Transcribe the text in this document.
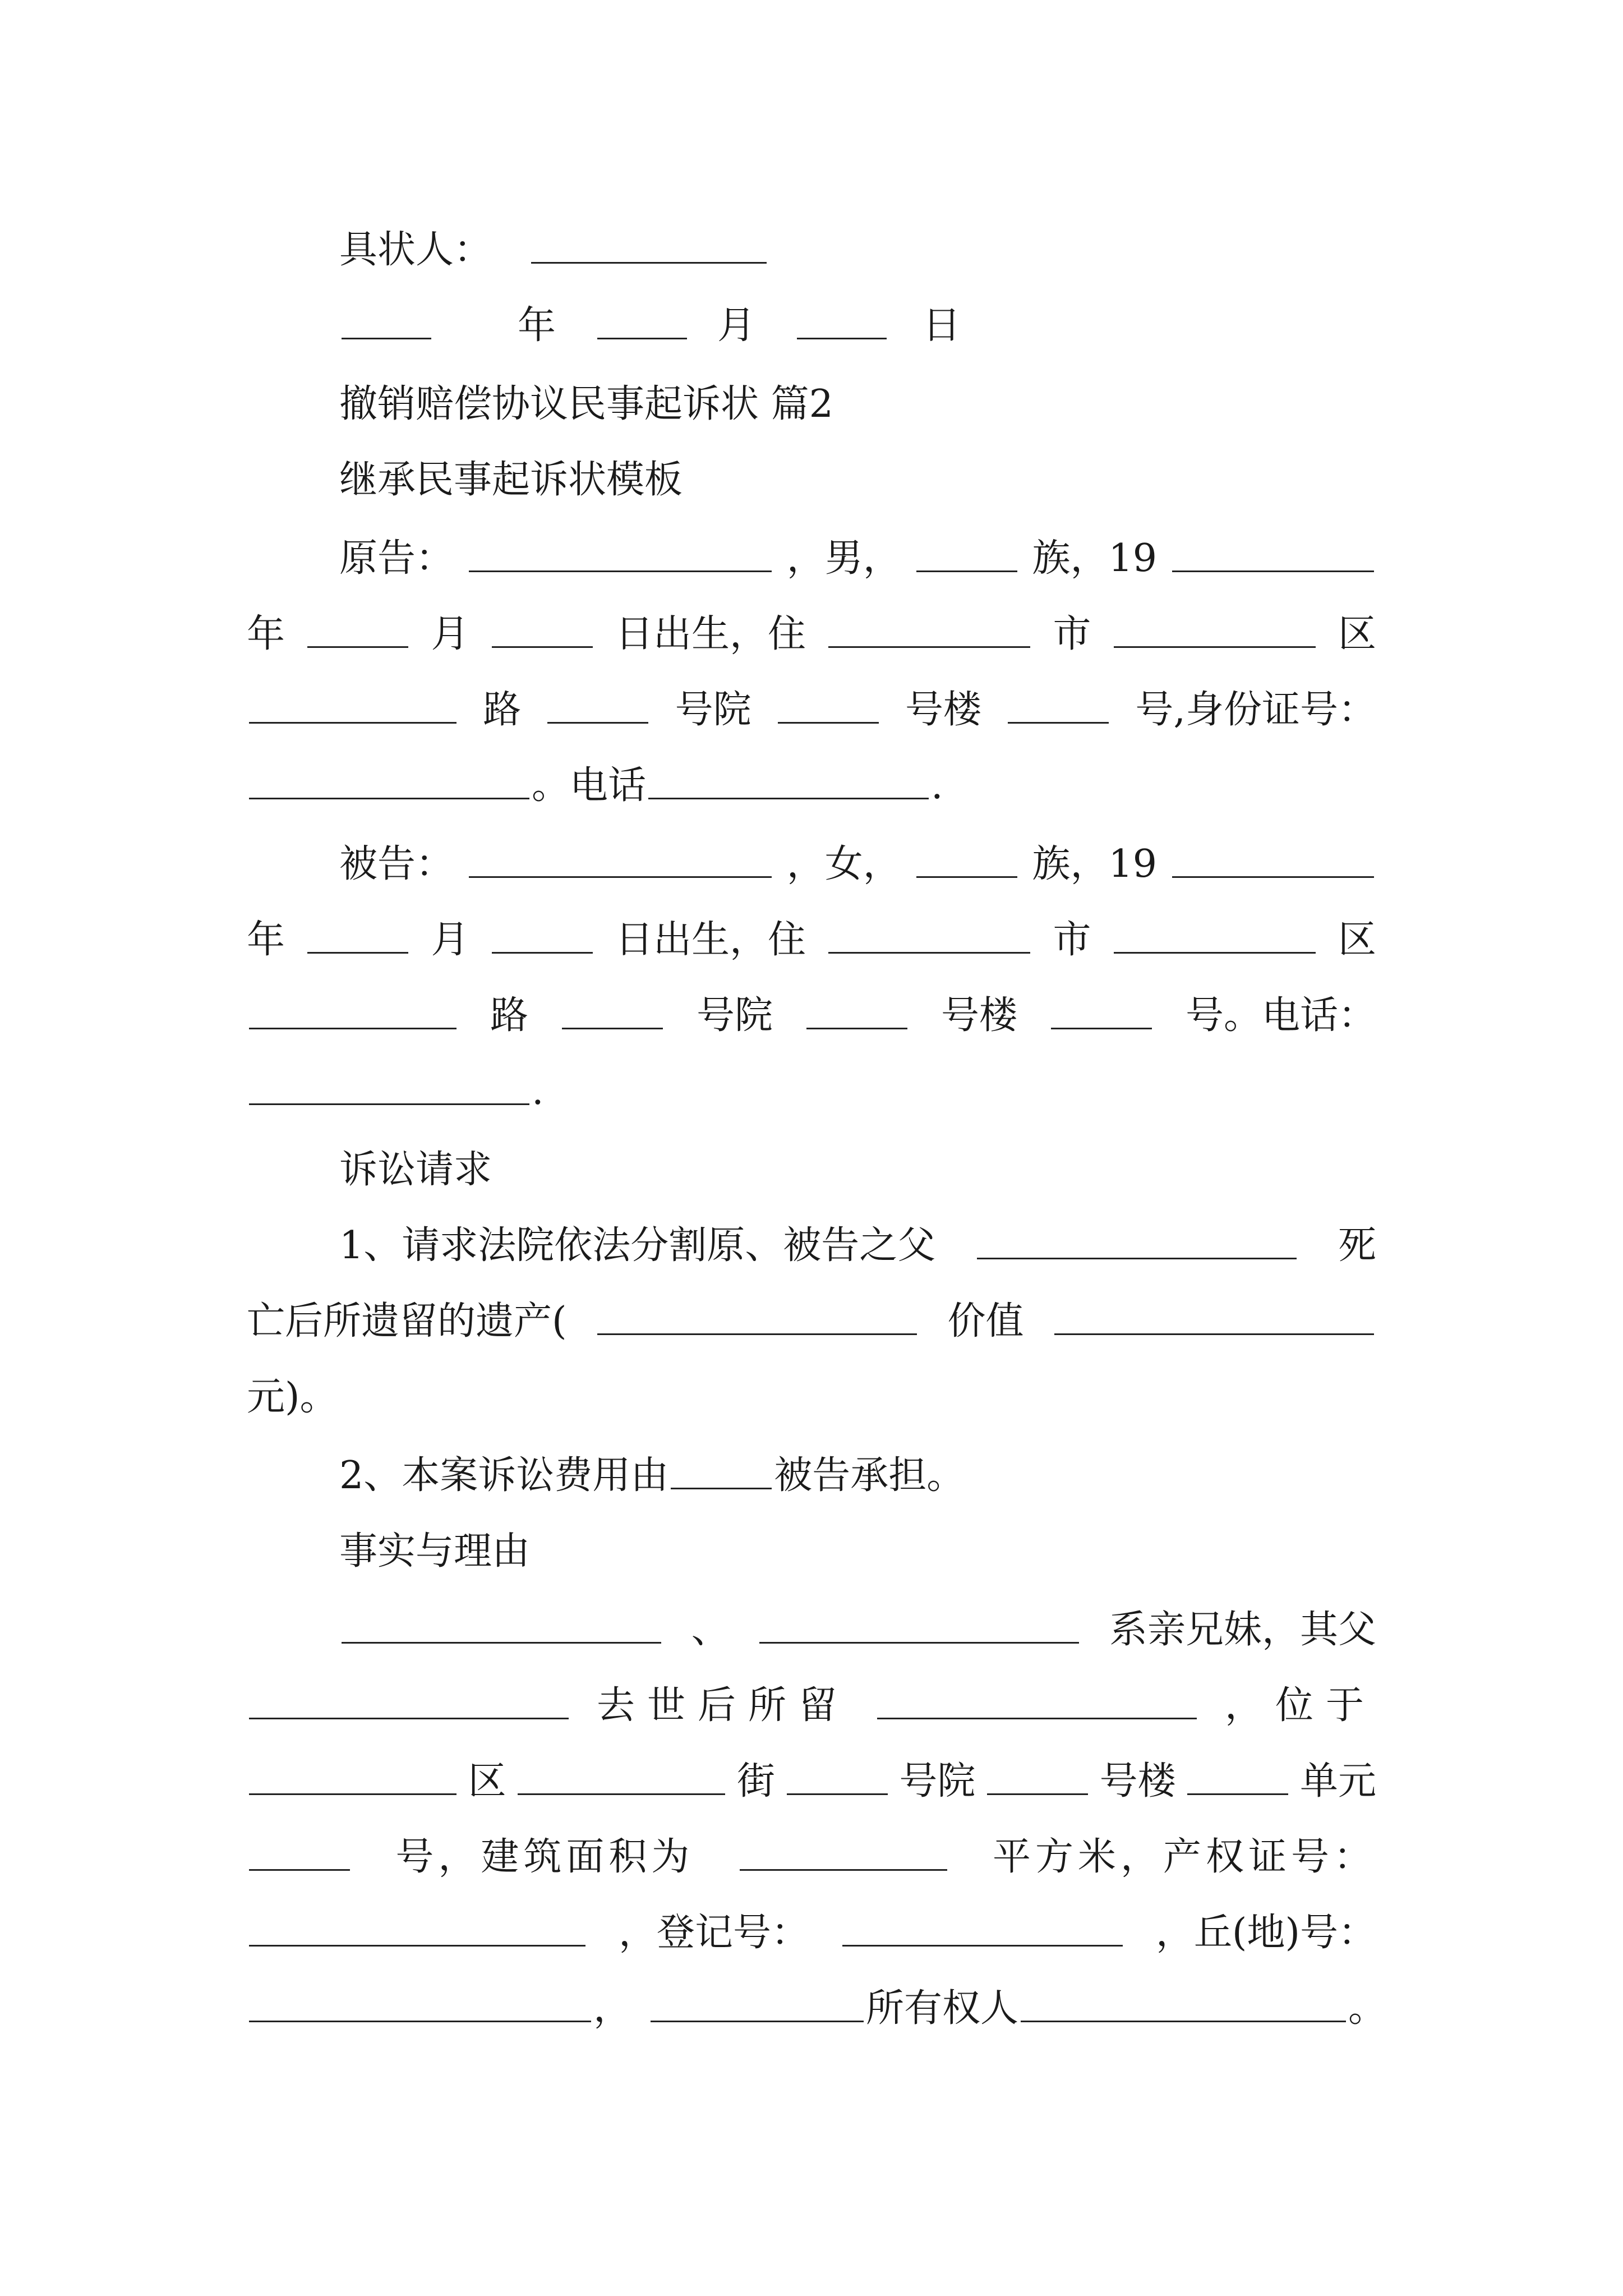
具状人：
年	月	日
撤销赔偿协议民事起诉状 篇2
继承民事起诉状模板
原告：	，男，	族，19
年	月	日出生，住	市	区
路	号院	号楼	号,身份证号：
。电话	.
被告：	，女，	族，19
年	月	日出生，住	市	区
路	号院	号楼	号。电话：
.
诉讼请求
1、请求法院依法分割原、被告之父	死
亡后所遗留的遗产(	价值
元)。
2、本案诉讼费用由	被告承担。
事实与理由
、	系亲兄妹，其父
去世后所留	，位于
区	街	号院	号楼	单元
号，建筑面积为	平方米，产权证号：
，登记号：	，丘(地)号：
，	所有权人	。
